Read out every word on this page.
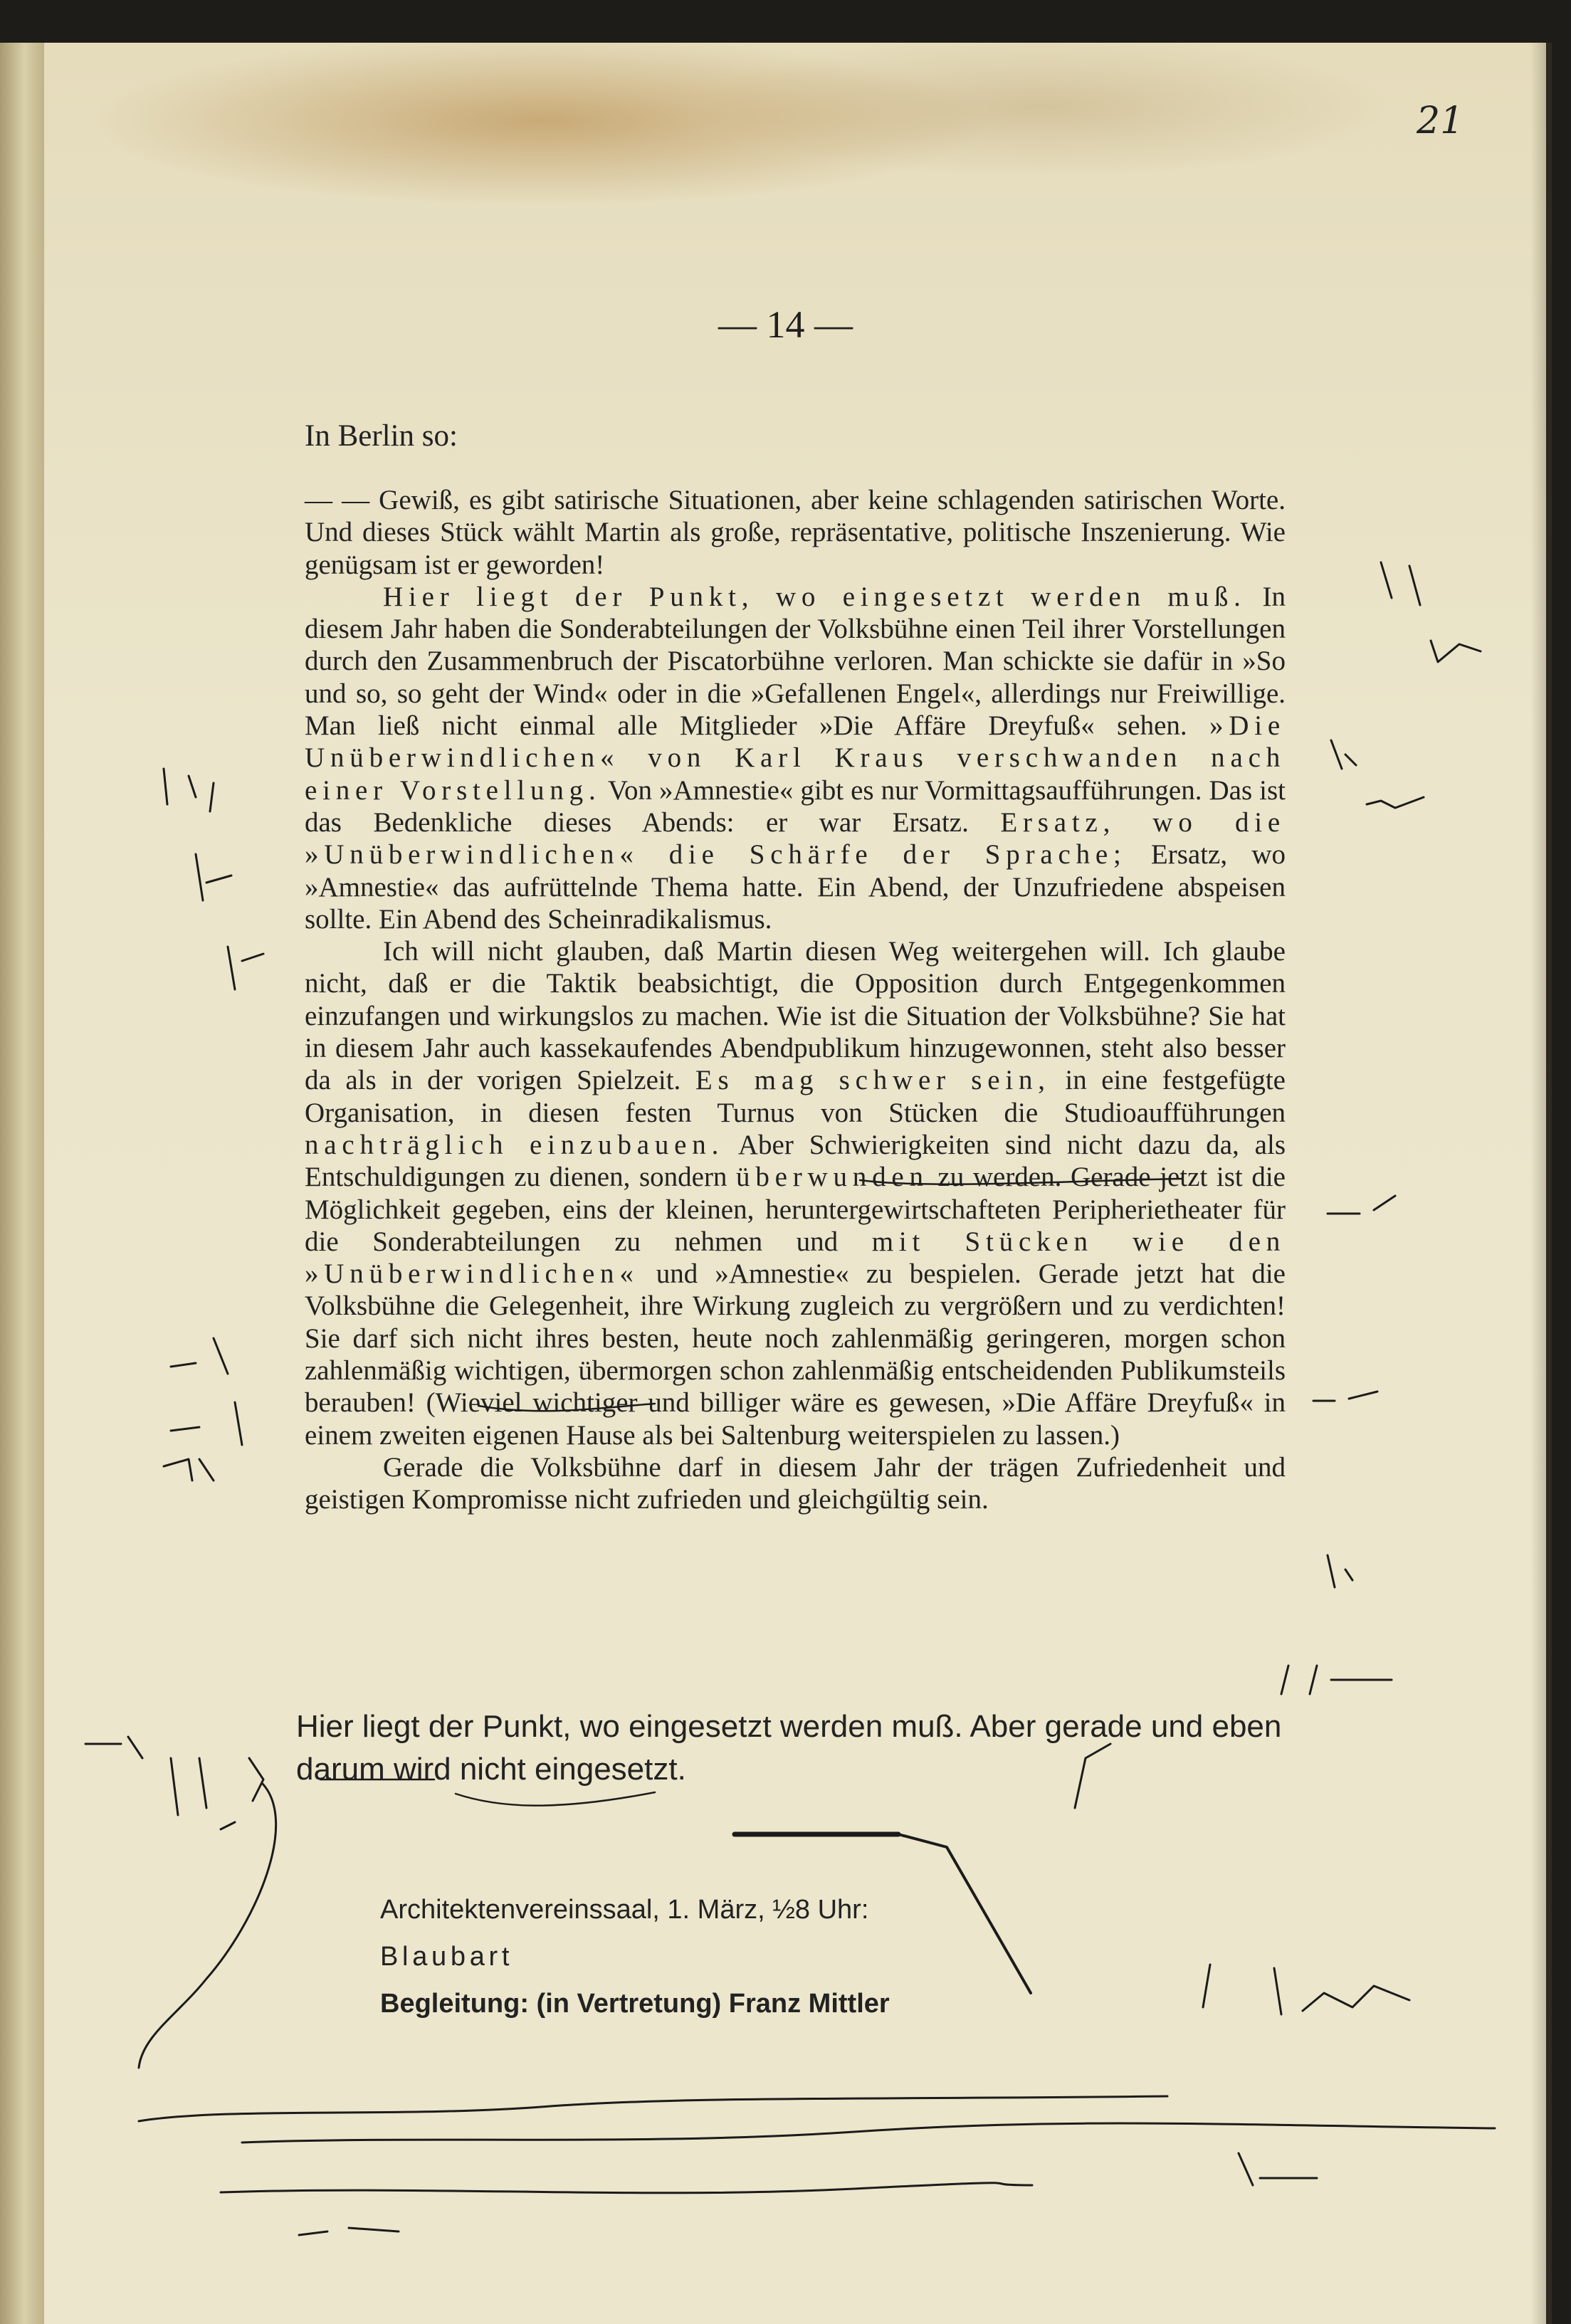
21
— 14 —
In Berlin so:

— — Gewiß, es gibt satirische Situationen, aber keine schlagenden satirischen Worte. Und dieses Stück wählt Martin als große, repräsentative, politische Inszenierung. Wie genügsam ist er geworden!

Hier liegt der Punkt, wo eingesetzt werden muß. In diesem Jahr haben die Sonderabteilungen der Volksbühne einen Teil ihrer Vorstellungen durch den Zusammenbruch der Piscatorbühne verloren. Man schickte sie dafür in »So und so, so geht der Wind« oder in die »Gefallenen Engel«, allerdings nur Freiwillige. Man ließ nicht einmal alle Mitglieder »Die Affäre Dreyfuß« sehen. »Die Unüberwindlichen« von Karl Kraus verschwanden nach einer Vorstellung. Von »Amnestie« gibt es nur Vormittagsaufführungen. Das ist das Bedenkliche dieses Abends: er war Ersatz. Ersatz, wo die »Unüberwindlichen« die Schärfe der Sprache; Ersatz, wo »Amnestie« das aufrüttelnde Thema hatte. Ein Abend, der Unzufriedene abspeisen sollte. Ein Abend des Scheinradikalismus.

Ich will nicht glauben, daß Martin diesen Weg weitergehen will. Ich glaube nicht, daß er die Taktik beabsichtigt, die Opposition durch Entgegenkommen einzufangen und wirkungslos zu machen. Wie ist die Situation der Volksbühne? Sie hat in diesem Jahr auch kassekaufendes Abendpublikum hinzugewonnen, steht also besser da als in der vorigen Spielzeit. Es mag schwer sein, in eine festgefügte Organisation, in diesen festen Turnus von Stücken die Studioaufführungen nachträglich einzubauen. Aber Schwierigkeiten sind nicht dazu da, als Entschuldigungen zu dienen, sondern überwunden zu werden. Gerade jetzt ist die Möglichkeit gegeben, eins der kleinen, heruntergewirtschafteten Peripherietheater für die Sonderabteilungen zu nehmen und mit Stücken wie den »Unüberwindlichen« und »Amnestie« zu bespielen. Gerade jetzt hat die Volksbühne die Gelegenheit, ihre Wirkung zugleich zu vergrößern und zu verdichten! Sie darf sich nicht ihres besten, heute noch zahlenmäßig geringeren, morgen schon zahlenmäßig wichtigen, übermorgen schon zahlenmäßig entscheidenden Publikumsteils berauben! (Wieviel wichtiger und billiger wäre es gewesen, »Die Affäre Dreyfuß« in einem zweiten eigenen Hause als bei Saltenburg weiterspielen zu lassen.)

Gerade die Volksbühne darf in diesem Jahr der trägen Zufriedenheit und geistigen Kompromisse nicht zufrieden und gleichgültig sein.

Hier liegt der Punkt, wo eingesetzt werden muß. Aber gerade und eben darum wird nicht eingesetzt.
Architektenvereinssaal, 1. März, ½8 Uhr:
Blaubart
Begleitung: (in Vertretung) Franz Mittler
